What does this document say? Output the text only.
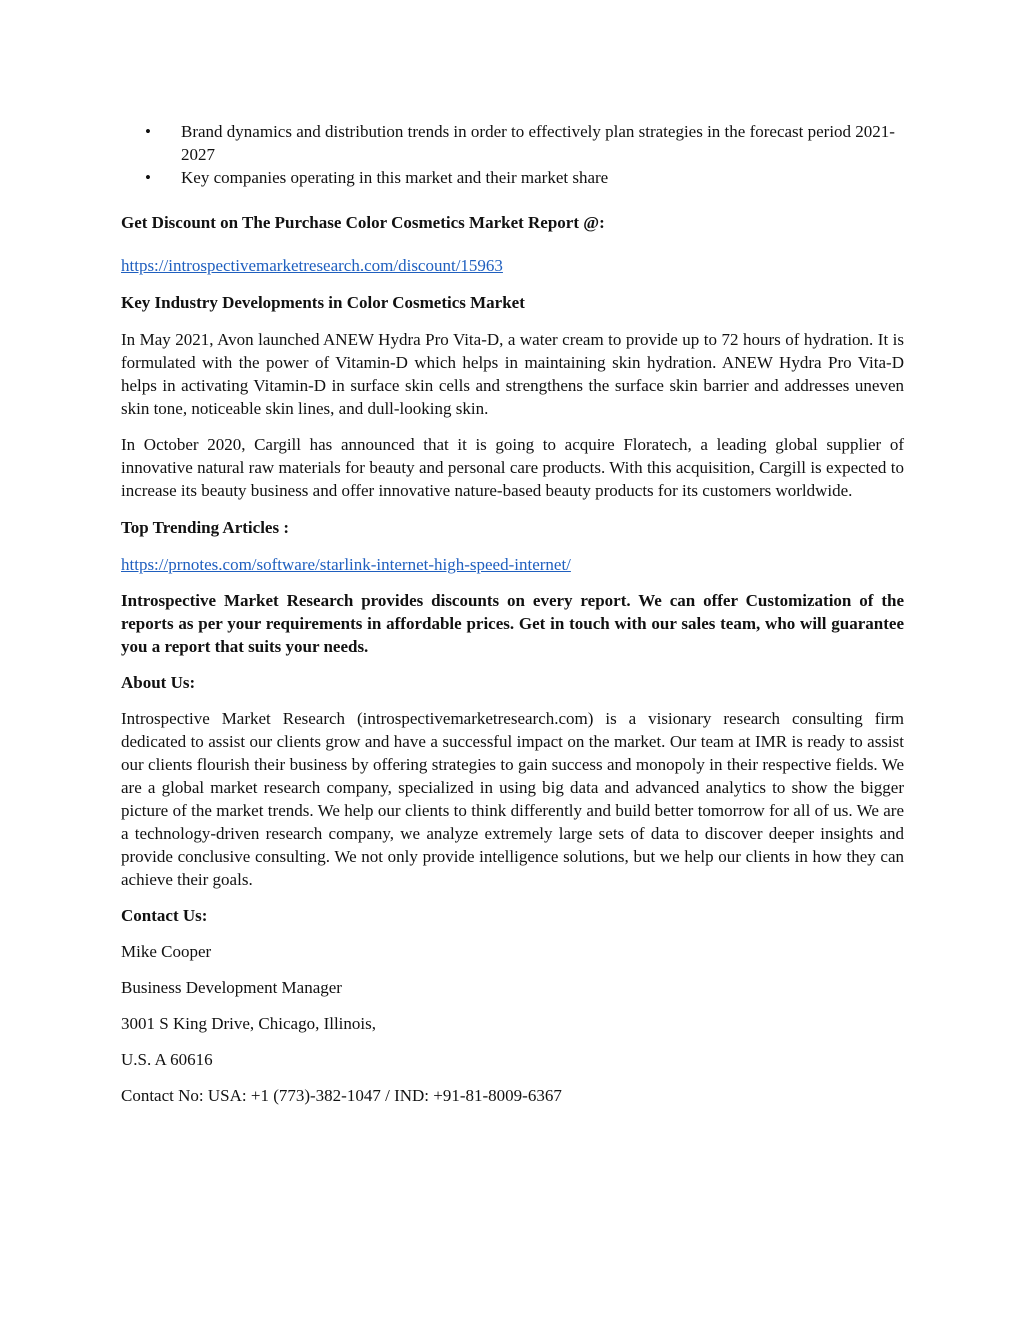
• Brand dynamics and distribution trends in order to effectively plan strategies in the forecast period 2021-2027
• Key companies operating in this market and their market share

Get Discount on The Purchase Color Cosmetics Market Report @:

https://introspectivemarketresearch.com/discount/15963

Key Industry Developments in Color Cosmetics Market

In May 2021, Avon launched ANEW Hydra Pro Vita-D, a water cream to provide up to 72 hours of hydration. It is formulated with the power of Vitamin-D which helps in maintaining skin hydration. ANEW Hydra Pro Vita-D helps in activating Vitamin-D in surface skin cells and strengthens the surface skin barrier and addresses uneven skin tone, noticeable skin lines, and dull-looking skin.

In October 2020, Cargill has announced that it is going to acquire Floratech, a leading global supplier of innovative natural raw materials for beauty and personal care products. With this acquisition, Cargill is expected to increase its beauty business and offer innovative nature-based beauty products for its customers worldwide.

Top Trending Articles :

https://prnotes.com/software/starlink-internet-high-speed-internet/

Introspective Market Research provides discounts on every report. We can offer Customization of the reports as per your requirements in affordable prices. Get in touch with our sales team, who will guarantee you a report that suits your needs.

About Us:

Introspective Market Research (introspectivemarketresearch.com) is a visionary research consulting firm dedicated to assist our clients grow and have a successful impact on the market. Our team at IMR is ready to assist our clients flourish their business by offering strategies to gain success and monopoly in their respective fields. We are a global market research company, specialized in using big data and advanced analytics to show the bigger picture of the market trends. We help our clients to think differently and build better tomorrow for all of us. We are a technology-driven research company, we analyze extremely large sets of data to discover deeper insights and provide conclusive consulting. We not only provide intelligence solutions, but we help our clients in how they can achieve their goals.

Contact Us:

Mike Cooper

Business Development Manager

3001 S King Drive, Chicago, Illinois,

U.S. A 60616

Contact No: USA: +1 (773)-382-1047 / IND: +91-81-8009-6367
